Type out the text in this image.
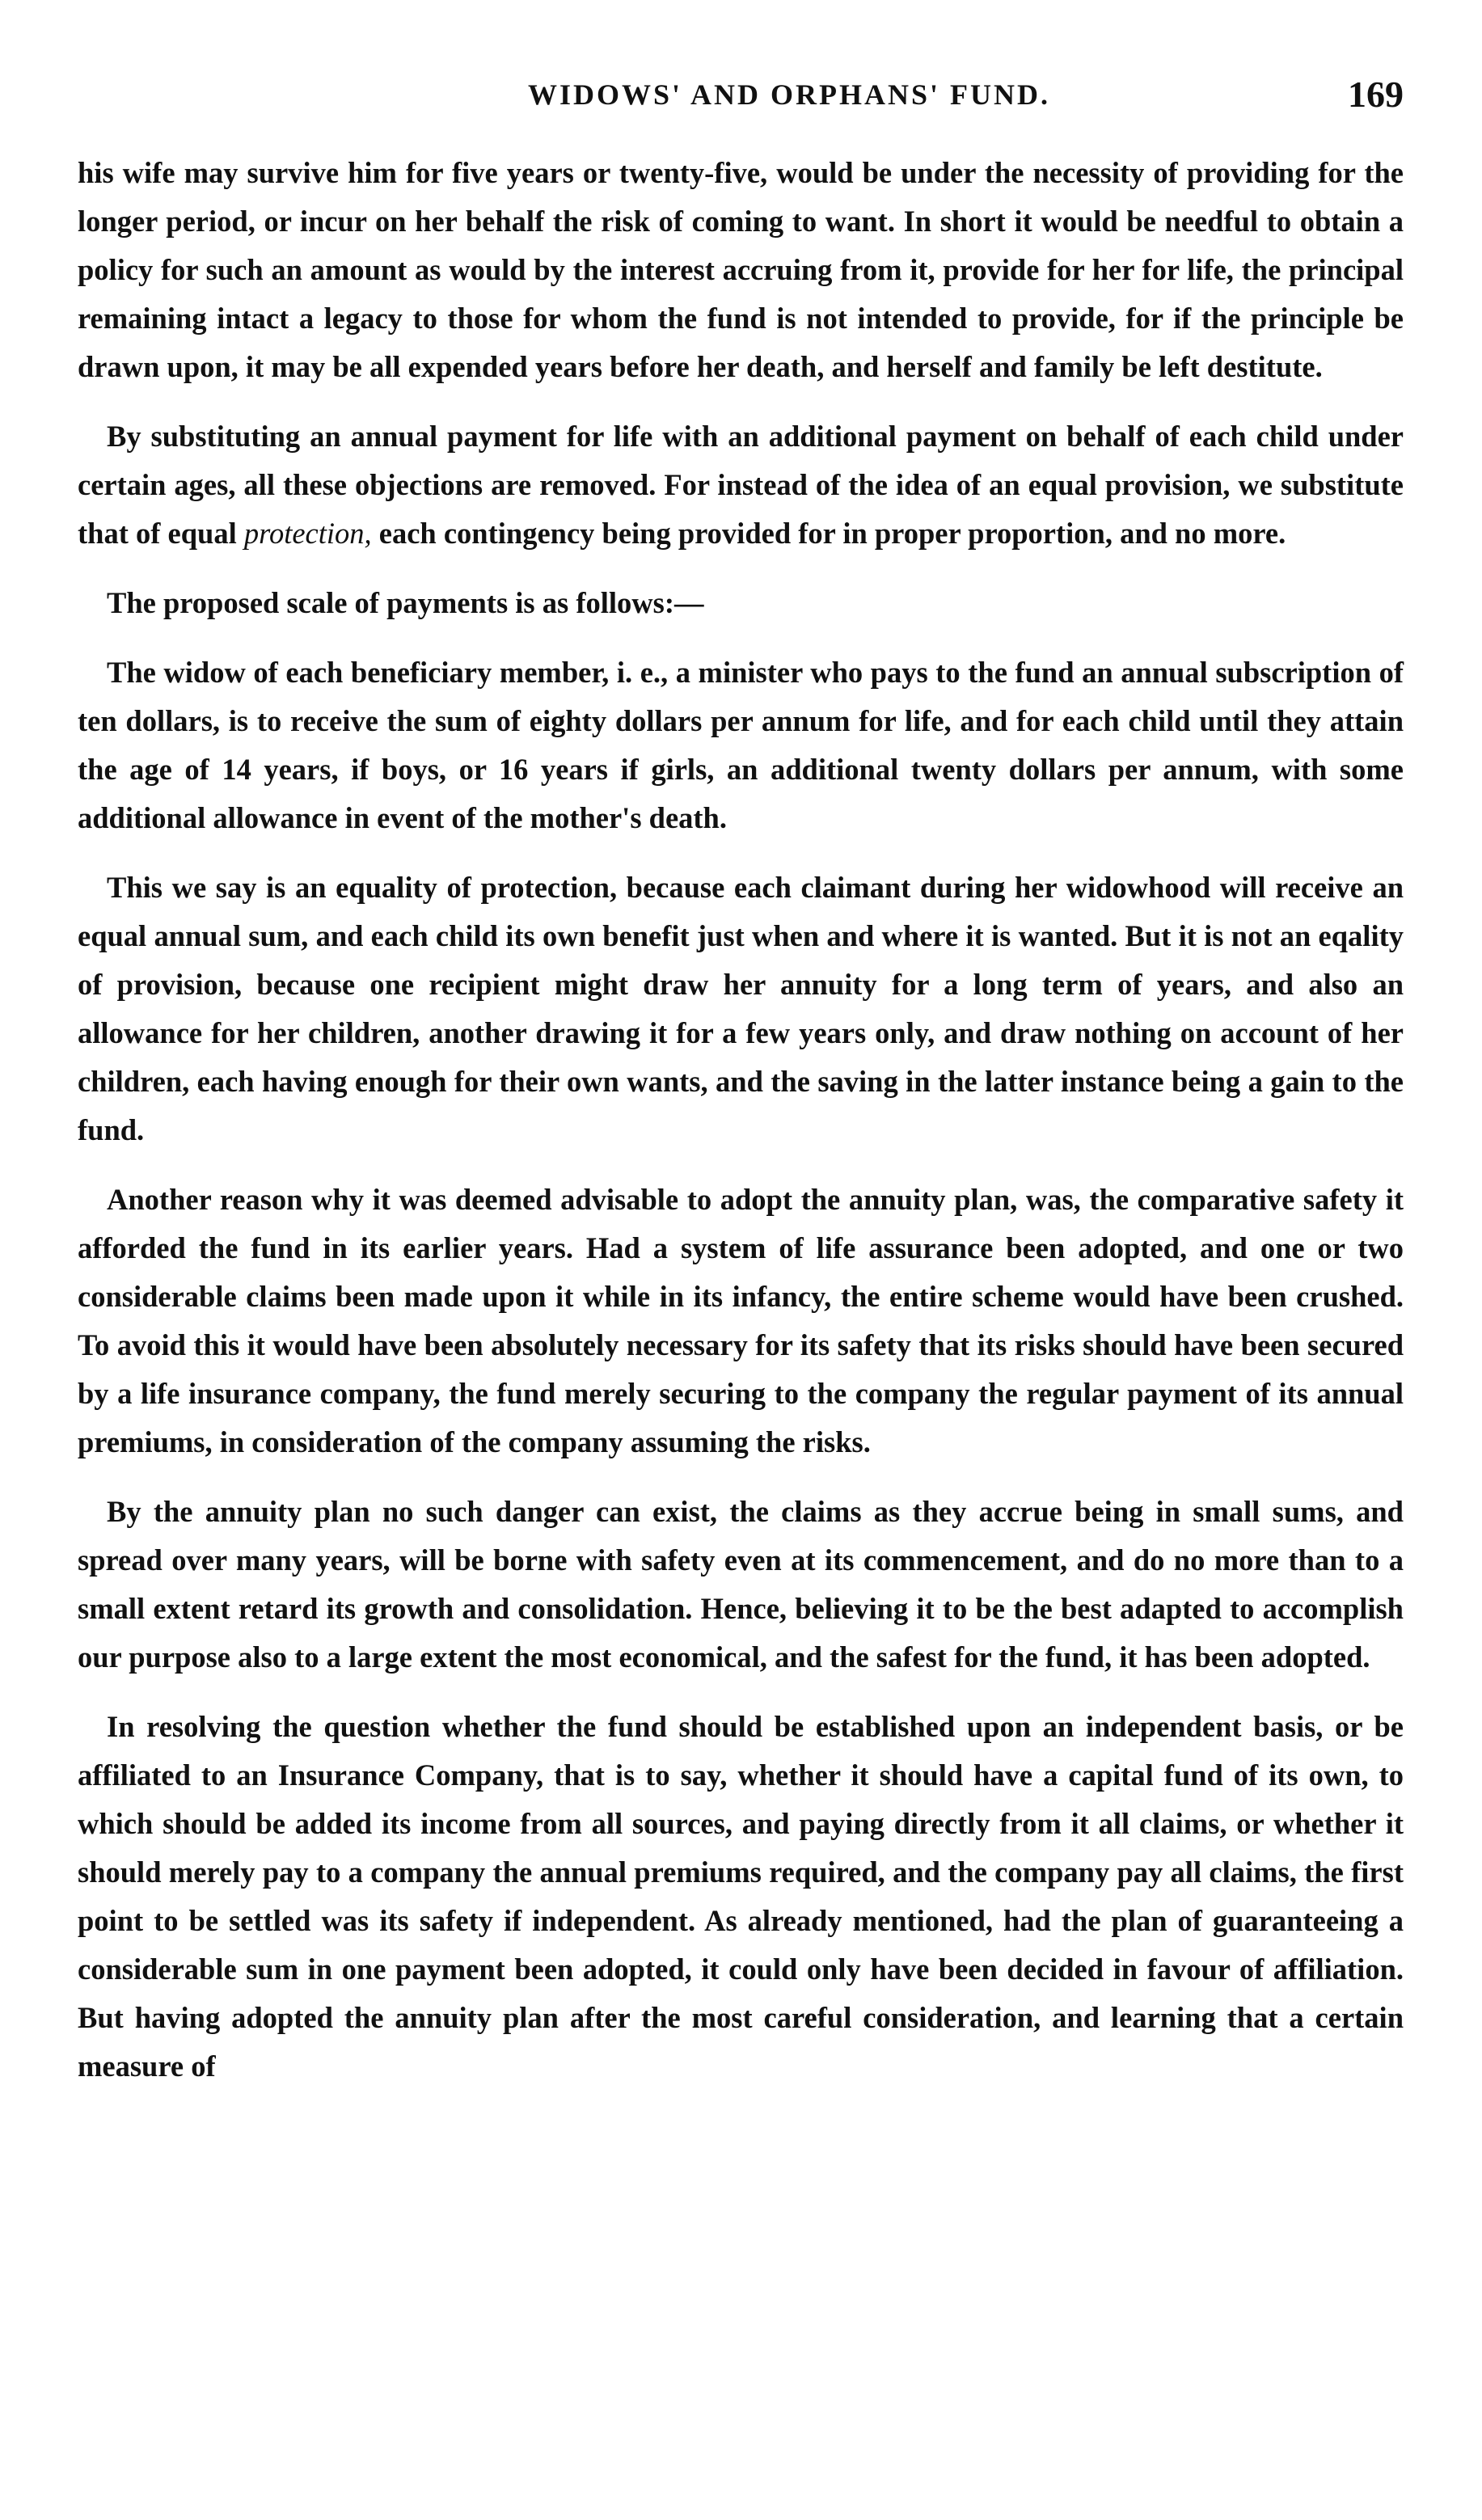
WIDOWS' AND ORPHANS' FUND.	169

his wife may survive him for five years or twenty-five, would be under the necessity of providing for the longer period, or incur on her behalf the risk of coming to want. In short it would be needful to obtain a policy for such an amount as would by the interest accruing from it, provide for her for life, the principal remaining intact a legacy to those for whom the fund is not intended to provide, for if the principle be drawn upon, it may be all expended years before her death, and herself and family be left destitute.

By substituting an annual payment for life with an additional payment on behalf of each child under certain ages, all these objections are removed. For instead of the idea of an equal provision, we substitute that of equal protection, each contingency being provided for in proper proportion, and no more.

The proposed scale of payments is as follows:—

The widow of each beneficiary member, i. e., a minister who pays to the fund an annual subscription of ten dollars, is to receive the sum of eighty dollars per annum for life, and for each child until they attain the age of 14 years, if boys, or 16 years if girls, an additional twenty dollars per annum, with some additional allowance in event of the mother's death.

This we say is an equality of protection, because each claimant during her widowhood will receive an equal annual sum, and each child its own benefit just when and where it is wanted. But it is not an eqality of provision, because one recipient might draw her annuity for a long term of years, and also an allowance for her children, another drawing it for a few years only, and draw nothing on account of her children, each having enough for their own wants, and the saving in the latter instance being a gain to the fund.

Another reason why it was deemed advisable to adopt the annuity plan, was, the comparative safety it afforded the fund in its earlier years. Had a system of life assurance been adopted, and one or two considerable claims been made upon it while in its infancy, the entire scheme would have been crushed. To avoid this it would have been absolutely necessary for its safety that its risks should have been secured by a life insurance company, the fund merely securing to the company the regular payment of its annual premiums, in consideration of the company assuming the risks.

By the annuity plan no such danger can exist, the claims as they accrue being in small sums, and spread over many years, will be borne with safety even at its commencement, and do no more than to a small extent retard its growth and consolidation. Hence, believing it to be the best adapted to accomplish our purpose also to a large extent the most economical, and the safest for the fund, it has been adopted.

In resolving the question whether the fund should be established upon an independent basis, or be affiliated to an Insurance Company, that is to say, whether it should have a capital fund of its own, to which should be added its income from all sources, and paying directly from it all claims, or whether it should merely pay to a company the annual premiums required, and the company pay all claims, the first point to be settled was its safety if independent. As already mentioned, had the plan of guaranteeing a considerable sum in one payment been adopted, it could only have been decided in favour of affiliation. But having adopted the annuity plan after the most careful consideration, and learning that a certain measure of
